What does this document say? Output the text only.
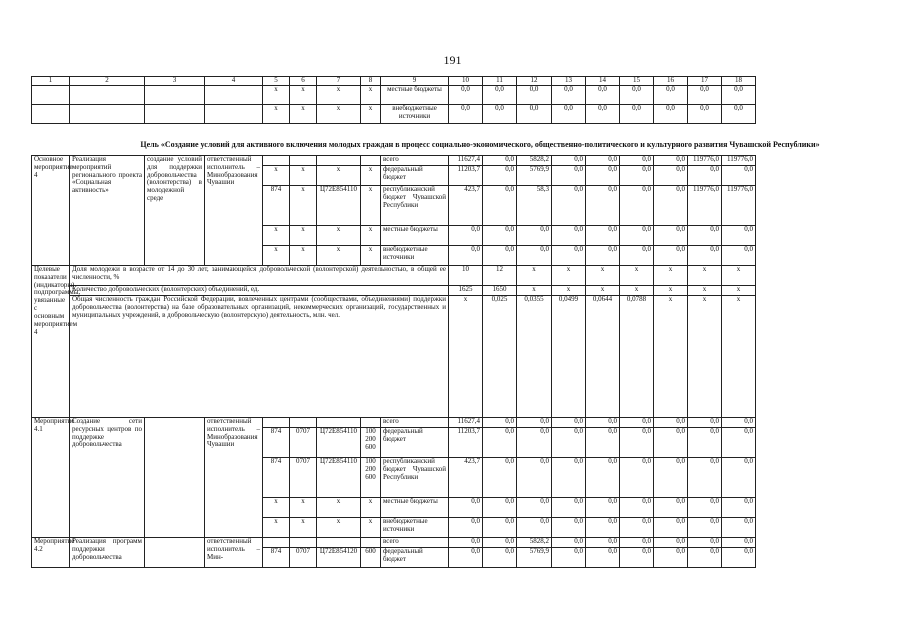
191
1	2	3	4	5	6	7	8	9	10	11	12	13	14	15	16	17	18
				x	x	x	x	местные бюджеты	0,0	0,0	0,0	0,0	0,0	0,0	0,0	0,0	0,0
				x	x	x	x	внебюджетные источники	0,0	0,0	0,0	0,0	0,0	0,0	0,0	0,0	0,0
Цель «Создание условий для активного включения молодых граждан в процесс социально-экономического, общественно-политического и культурного развития Чувашской Республики»
Основное мероприятие 4	Реализация мероприятий регионального проекта «Социальная активность»	создание условий для поддержки добровольчества (волонтерства) в молодежной среде	ответственный исполнитель – Минобразования Чувашии					всего	11627,4	0,0	5828,2	0,0	0,0	0,0	0,0	119776,0	119776,0
				x	x	x	x	федеральный бюджет	11203,7	0,0	5769,9	0,0	0,0	0,0	0,0	0,0	0,0
				874	x	Ц72Е854110	x	республиканский бюджет Чувашской Республики	423,7	0,0	58,3	0,0	0,0	0,0	0,0	119776,0	119776,0
				x	x	x	x	местные бюджеты	0,0	0,0	0,0	0,0	0,0	0,0	0,0	0,0	0,0
				x	x	x	x	внебюджетные источники	0,0	0,0	0,0	0,0	0,0	0,0	0,0	0,0	0,0
Целевые показатели (индикаторы) подпрограммы, увязанные с основным мероприятием 4	Доля молодежи в возрасте от 14 до 30 лет, занимающейся добровольческой (волонтерской) деятельностью, в общей ее численности, %								10	12	x	x	x	x	x	x	x
	Количество добровольческих (волонтерских) объединений, ед.								1625	1650	x	x	x	x	x	x	x
	Общая численность граждан Российской Федерации, вовлеченных центрами (сообществами, объединениями) поддержки добровольчества (волонтерства) на базе образовательных организаций, некоммерческих организаций, государственных и муниципальных учреждений, в добровольческую (волонтерскую) деятельность, млн. чел.								x	0,025	0,0355	0,0499	0,0644	0,0788	x	x	x
Мероприятие 4.1	Создание сети ресурсных центров по поддержке добровольчества		ответственный исполнитель – Минобразования Чувашии					всего	11627,4	0,0	0,0	0,0	0,0	0,0	0,0	0,0	0,0
				874	0707	Ц72Е854110	100 200 600	федеральный бюджет	11203,7	0,0	0,0	0,0	0,0	0,0	0,0	0,0	0,0
				874	0707	Ц72Е854110	100 200 600	республиканский бюджет Чувашской Республики	423,7	0,0	0,0	0,0	0,0	0,0	0,0	0,0	0,0
				x	x	x	x	местные бюджеты	0,0	0,0	0,0	0,0	0,0	0,0	0,0	0,0	0,0
				x	x	x	x	внебюджетные источники	0,0	0,0	0,0	0,0	0,0	0,0	0,0	0,0	0,0
Мероприятие 4.2	Реализация программ поддержки добровольчества		ответственный исполнитель – Мин-					всего	0,0	0,0	5828,2	0,0	0,0	0,0	0,0	0,0	0,0
				874	0707	Ц72Е854120	600	федеральный бюджет	0,0	0,0	5769,9	0,0	0,0	0,0	0,0	0,0	0,0
